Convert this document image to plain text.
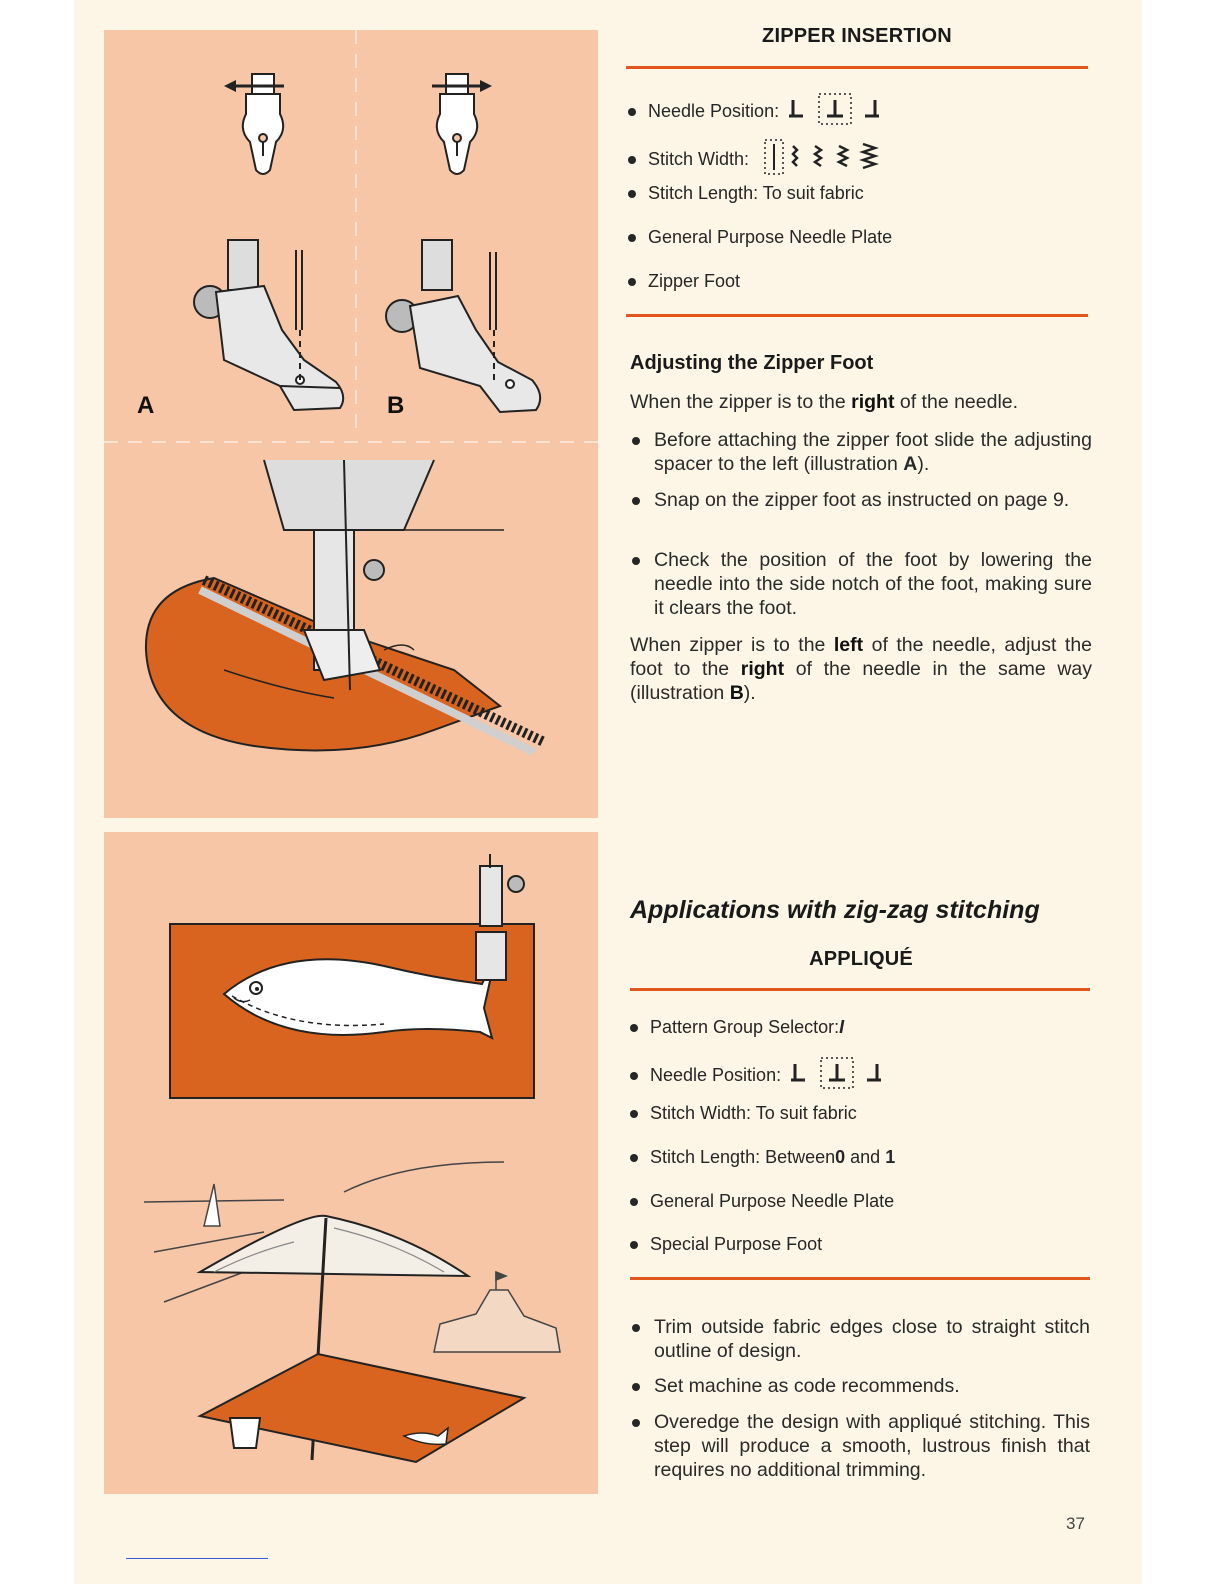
A	B
ZIPPER INSERTION
Needle Position:
Stitch Width:
Stitch Length: To suit fabric
General Purpose Needle Plate
Zipper Foot
Adjusting the Zipper Foot
When the zipper is to the right of the needle.
Before attaching the zipper foot slide the adjusting spacer to the left (illustration A).
Snap on the zipper foot as instructed on page 9.
Check the position of the foot by lowering the needle into the side notch of the foot, making sure it clears the foot.
When zipper is to the left of the needle, adjust the foot to the right of the needle in the same way (illustration B).
Applications with zig-zag stitching
APPLIQUÉ
Pattern Group Selector: I
Needle Position:
Stitch Width: To suit fabric
Stitch Length: Between 0 and 1
General Purpose Needle Plate
Special Purpose Foot
Trim outside fabric edges close to straight stitch outline of design.
Set machine as code recommends.
Overedge the design with appliqué stitching. This step will produce a smooth, lustrous finish that requires no additional trimming.
37
